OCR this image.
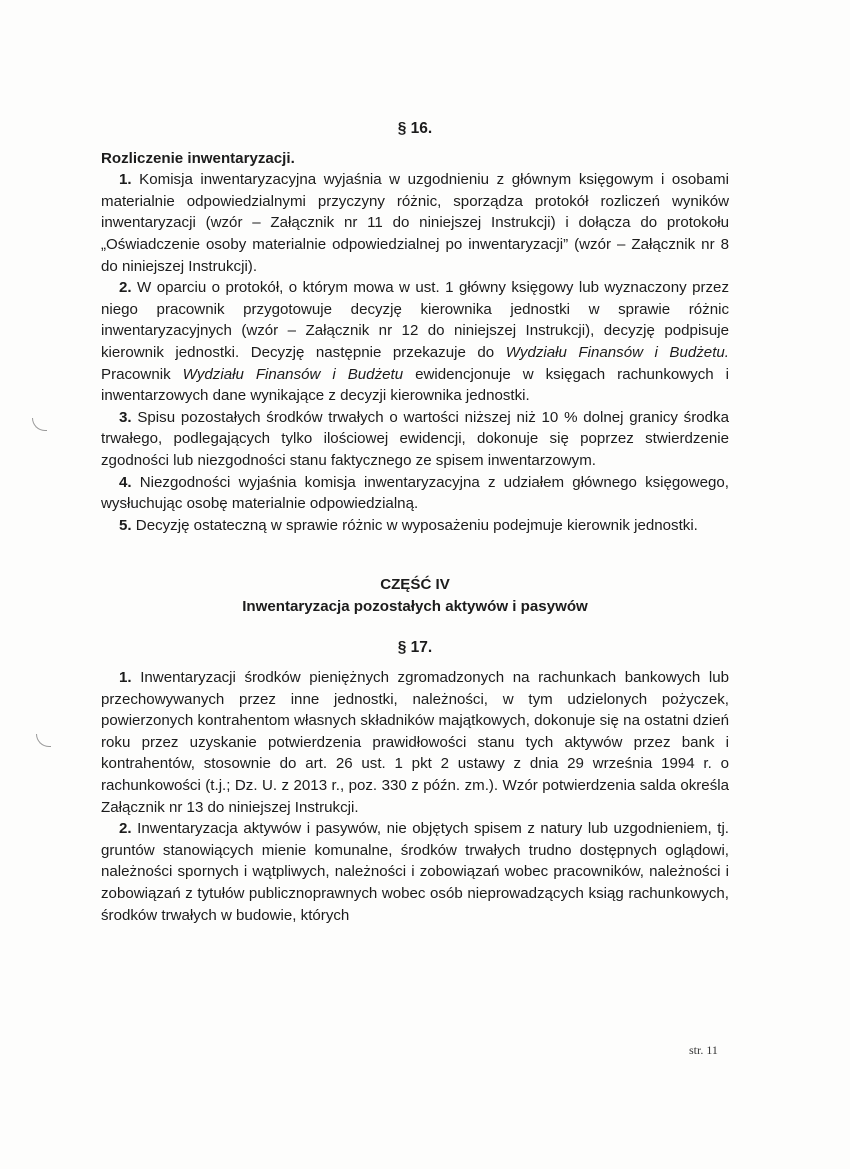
§ 16.
Rozliczenie inwentaryzacji.

1. Komisja inwentaryzacyjna wyjaśnia w uzgodnieniu z głównym księgowym i osobami materialnie odpowiedzialnymi przyczyny różnic, sporządza protokół rozliczeń wyników inwentaryzacji (wzór – Załącznik nr 11 do niniejszej Instrukcji) i dołącza do protokołu „Oświadczenie osoby materialnie odpowiedzialnej po inwentaryzacji” (wzór – Załącznik nr 8 do niniejszej Instrukcji).

2. W oparciu o protokół, o którym mowa w ust. 1 główny księgowy lub wyznaczony przez niego pracownik przygotowuje decyzję kierownika jednostki w sprawie różnic inwentaryzacyjnych (wzór – Załącznik nr 12 do niniejszej Instrukcji), decyzję podpisuje kierownik jednostki. Decyzję następnie przekazuje do Wydziału Finansów i Budżetu. Pracownik Wydziału Finansów i Budżetu ewidencjonuje w księgach rachunkowych i inwentarzowych dane wynikające z decyzji kierownika jednostki.

3. Spisu pozostałych środków trwałych o wartości niższej niż 10 % dolnej granicy środka trwałego, podlegających tylko ilościowej ewidencji, dokonuje się poprzez stwierdzenie zgodności lub niezgodności stanu faktycznego ze spisem inwentarzowym.

4. Niezgodności wyjaśnia komisja inwentaryzacyjna z udziałem głównego księgowego, wysłuchując osobę materialnie odpowiedzialną.

5. Decyzję ostateczną w sprawie różnic w wyposażeniu podejmuje kierownik jednostki.

CZĘŚĆ IV
Inwentaryzacja pozostałych aktywów i pasywów
§ 17.

1. Inwentaryzacji środków pieniężnych zgromadzonych na rachunkach bankowych lub przechowywanych przez inne jednostki, należności, w tym udzielonych pożyczek, powierzonych kontrahentom własnych składników majątkowych, dokonuje się na ostatni dzień roku przez uzyskanie potwierdzenia prawidłowości stanu tych aktywów przez bank i kontrahentów, stosownie do art. 26 ust. 1 pkt 2 ustawy z dnia 29 września 1994 r. o rachunkowości (t.j.; Dz. U. z 2013 r., poz. 330 z późn. zm.). Wzór potwierdzenia salda określa Załącznik nr 13 do niniejszej Instrukcji.

2. Inwentaryzacja aktywów i pasywów, nie objętych spisem z natury lub uzgodnieniem, tj. gruntów stanowiących mienie komunalne, środków trwałych trudno dostępnych oglądowi, należności spornych i wątpliwych, należności i zobowiązań wobec pracowników, należności i zobowiązań z tytułów publicznoprawnych wobec osób nieprowadzących ksiąg rachunkowych, środków trwałych w budowie, których

str. 11
